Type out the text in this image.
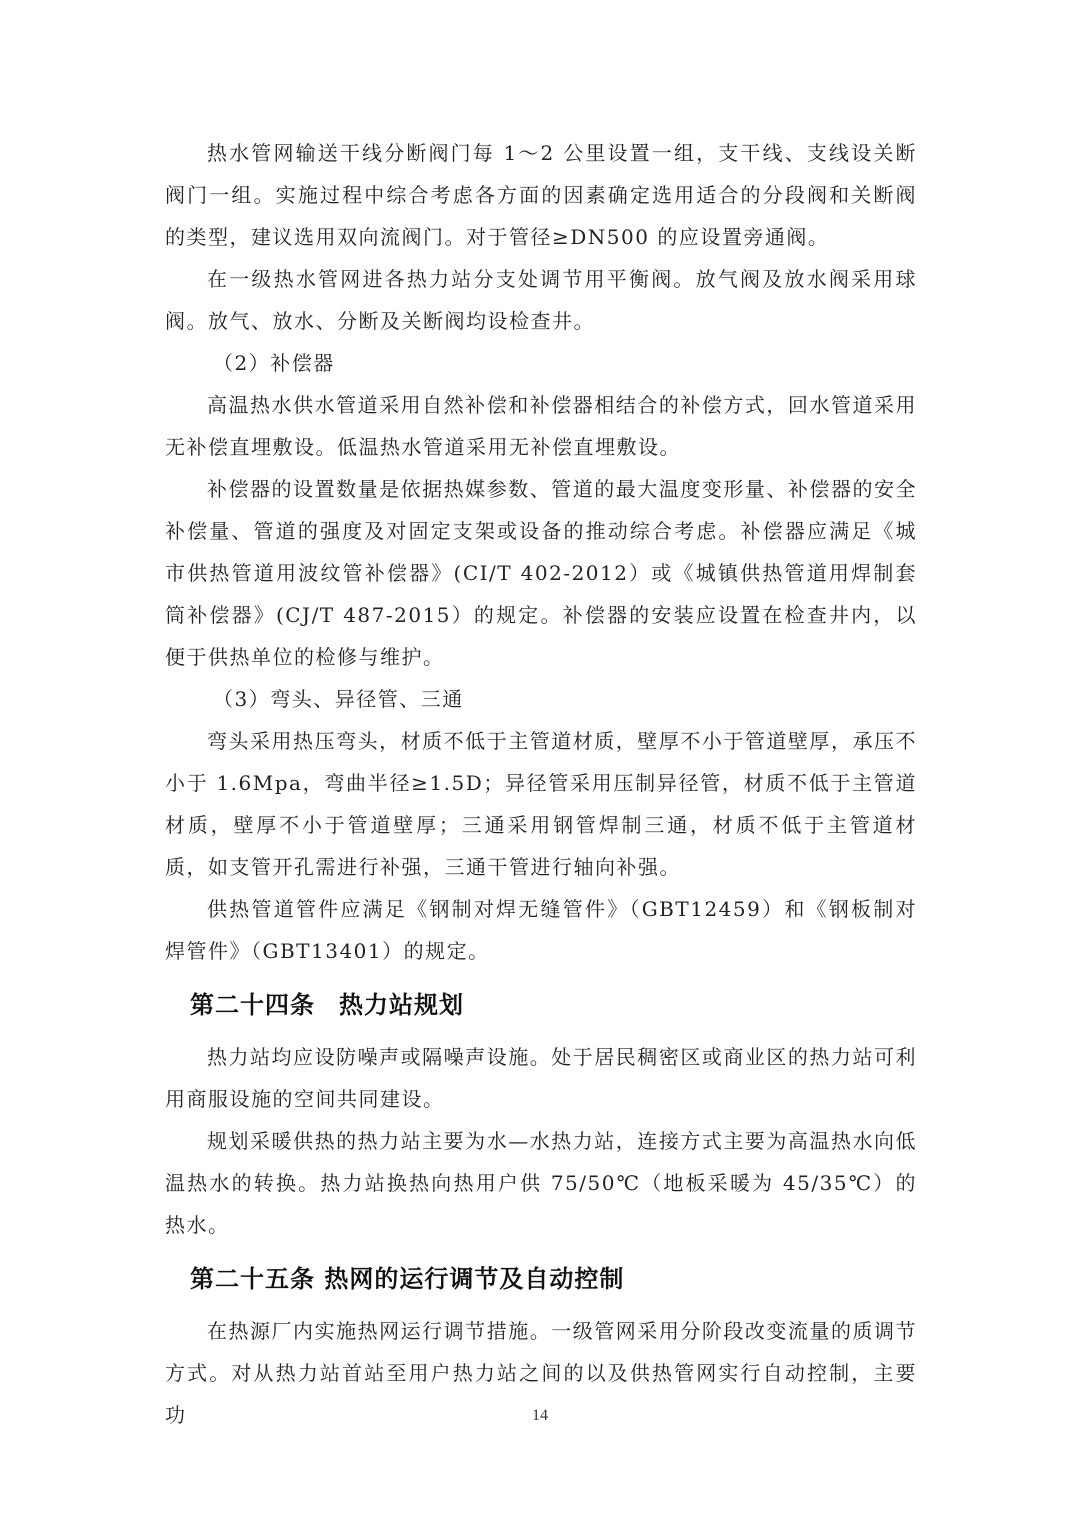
热水管网输送干线分断阀门每 1～2 公里设置一组，支干线、支线设关断阀门一组。实施过程中综合考虑各方面的因素确定选用适合的分段阀和关断阀的类型，建议选用双向流阀门。对于管径≥DN500 的应设置旁通阀。

在一级热水管网进各热力站分支处调节用平衡阀。放气阀及放水阀采用球阀。放气、放水、分断及关断阀均设检查井。

（2）补偿器

高温热水供水管道采用自然补偿和补偿器相结合的补偿方式，回水管道采用无补偿直埋敷设。低温热水管道采用无补偿直埋敷设。

补偿器的设置数量是依据热媒参数、管道的最大温度变形量、补偿器的安全补偿量、管道的强度及对固定支架或设备的推动综合考虑。补偿器应满足《城市供热管道用波纹管补偿器》(CI/T 402-2012）或《城镇供热管道用焊制套筒补偿器》(CJ/T 487-2015）的规定。补偿器的安装应设置在检查井内，以便于供热单位的检修与维护。

（3）弯头、异径管、三通

弯头采用热压弯头，材质不低于主管道材质，壁厚不小于管道壁厚，承压不小于 1.6Mpa，弯曲半径≥1.5D；异径管采用压制异径管，材质不低于主管道材质，壁厚不小于管道壁厚；三通采用钢管焊制三通，材质不低于主管道材质，如支管开孔需进行补强，三通干管进行轴向补强。

供热管道管件应满足《钢制对焊无缝管件》（GBT12459）和《钢板制对焊管件》（GBT13401）的规定。

第二十四条 热力站规划

热力站均应设防噪声或隔噪声设施。处于居民稠密区或商业区的热力站可利用商服设施的空间共同建设。

规划采暖供热的热力站主要为水—水热力站，连接方式主要为高温热水向低温热水的转换。热力站换热向热用户供 75/50℃（地板采暖为 45/35℃）的热水。

第二十五条 热网的运行调节及自动控制

在热源厂内实施热网运行调节措施。一级管网采用分阶段改变流量的质调节方式。对从热力站首站至用户热力站之间的以及供热管网实行自动控制，主要功	14
